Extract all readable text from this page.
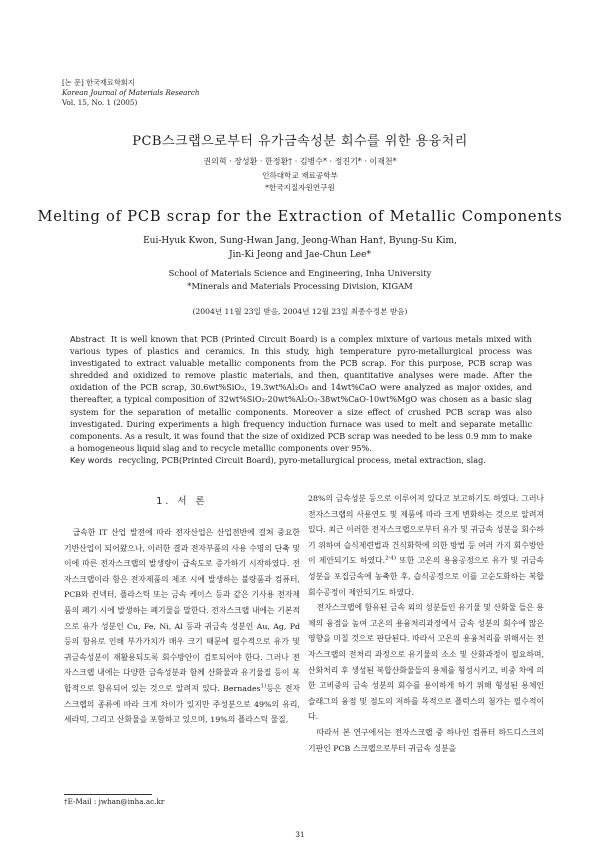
[논 문] 한국재료학회지
Korean Journal of Materials Research
Vol. 15, No. 1 (2005)
PCB스크랩으로부터 유가금속성분 회수를 위한 용융처리
권의혁 · 장성환 · 한정환† · 김병수* · 정진기* · 이재천*
인하대학교 재료공학부
*한국지질자원연구원
Melting of PCB scrap for the Extraction of Metallic Components
Eui-Hyuk Kwon, Sung-Hwan Jang, Jeong-Whan Han†, Byung-Su Kim,
Jin-Ki Jeong and Jae-Chun Lee*
School of Materials Science and Engineering, Inha University
*Minerals and Materials Processing Division, KIGAM
(2004년 11월 23일 받음, 2004년 12월 23일 최종수정본 받음)
Abstract It is well known that PCB (Printed Circuit Board) is a complex mixture of various metals mixed with various types of plastics and ceramics. In this study, high temperature pyro-metallurgical process was investigated to extract valuable metallic components from the PCB scrap. For this purpose, PCB scrap was shredded and oxidized to remove plastic materials, and then, quantitative analyses were made. After the oxidation of the PCB scrap, 30.6wt%SiO₂, 19.3wt%Al₂O₃ and 14wt%CaO were analyzed as major oxides, and thereafter, a typical composition of 32wt%SiO₂-20wt%Al₂O₃-38wt%CaO-10wt%MgO was chosen as a basic slag system for the separation of metallic components. Moreover a size effect of crushed PCB scrap was also investigated. During experiments a high frequency induction furnace was used to melt and separate metallic components. As a result, it was found that the size of oxidized PCB scrap was needed to be less 0.9 mm to make a homogeneous liquid slag and to recycle metallic components over 95%.
Key words recycling, PCB(Printed Circuit Board), pyro-metallurgical process, metal extraction, slag.
1. 서 론

급속한 IT 산업 발전에 따라 전자산업은 산업전반에 걸쳐 중요한 기반산업이 되어왔으나, 이러한 결과 전자부품의 사용 수명의 단축 및 이에 따른 전자스크랩의 발생량이 급속도로 증가하기 시작하였다. 전자스크랩이라 함은 전자제품의 제조 시에 발생하는 불량품과 컴퓨터, PCB와 컨넥터, 플라스틱 또는 금속 케이스 등과 같은 기사용 전자제품의 폐기 시에 발생하는 폐기물을 말한다. 전자스크랩 내에는 기본적으로 유가 성분인 Cu, Fe, Ni, Al 등과 귀금속 성분인 Au, Ag, Pd 등의 함유로 인해 부가가치가 매우 크기 때문에 필수적으로 유가 및 귀금속성분이 재활용되도록 회수방안이 검토되어야 한다. 그러나 전자스크랩 내에는 다양한 금속성분과 함께 산화물과 유기물질 등이 복합적으로 함유되어 있는 것으로 알려져 있다. Bernades$^{1)}$등은 전자스크랩의 종류에 따라 크게 차이가 있지만 주성분으로 49%의 유리, 세라믹, 그리고 산화물을 포함하고 있으며, 19%의 플라스틱 물질,

28%의 금속성분 등으로 이루어져 있다고 보고하기도 하였다. 그러나 전자스크랩의 사용연도 및 제품에 따라 크게 변화하는 것으로 알려져 있다. 최근 이러한 전자스크랩으로부터 유가 및 귀금속 성분을 회수하기 위하여 습식제련법과 건식화학에 의한 방법 등 여러 가지 회수방안이 제안되기도 하였다.$^{2-4)}$ 또한 고온의 용융공정으로 유가 및 귀금속성분을 포집금속에 농축한 후, 습식공정으로 이를 고순도화하는 복합회수공정이 제안되기도 하였다.

전자스크랩에 함유된 금속 외의 성분들인 유기물 및 산화물 들은 용체의 융점을 높여 고온의 용융처리과정에서 금속 성분의 회수에 많은 영향을 미칠 것으로 판단된다. 따라서 고온의 용융처리를 위해서는 전자스크랩의 전처리 과정으로 유기물의 소소 및 산화과정이 필요하며, 산화처리 후 생성된 복합산화물들의 용체를 형성시키고, 비중 차에 의한 고비중의 금속 성분의 회수를 용이하게 하기 위해 형성된 용체인 슬래그의 융점 및 점도의 저하를 목적으로 플럭스의 첨가는 필수적이다.

따라서 본 연구에서는 전자스크랩 중 하나인 컴퓨터 하드디스크의 기판인 PCB 스크랩으로부터 귀금속 성분을

†E-Mail : jwhan@inha.ac.kr
31
